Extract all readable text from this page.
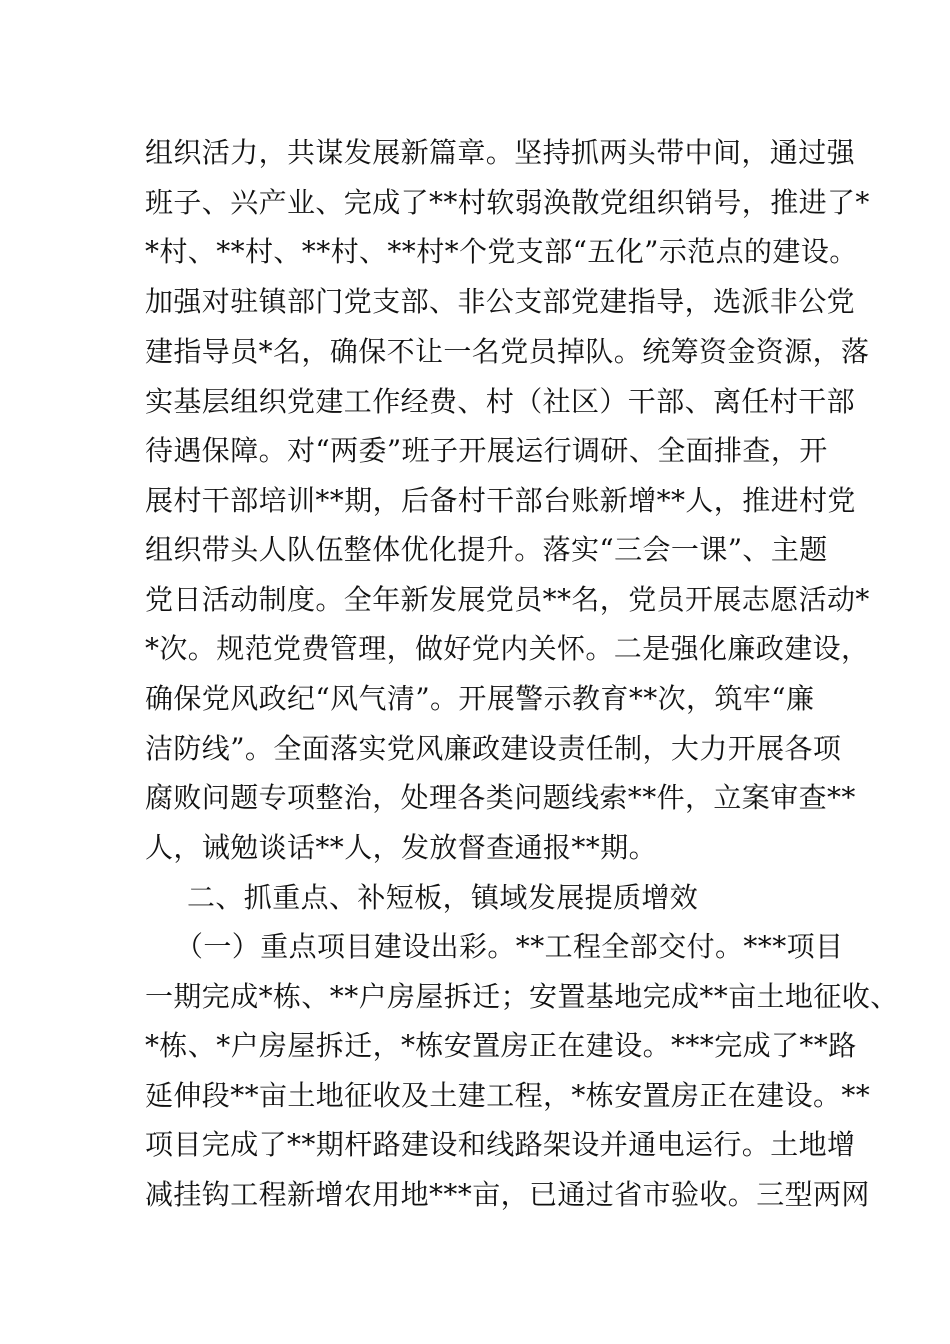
组织活力，共谋发展新篇章。坚持抓两头带中间，通过强
班子、兴产业、完成了**村软弱涣散党组织销号，推进了*
*村、**村、**村、**村*个党支部“五化”示范点的建设。
加强对驻镇部门党支部、非公支部党建指导，选派非公党
建指导员*名，确保不让一名党员掉队。统筹资金资源，落
实基层组织党建工作经费、村（社区）干部、离任村干部
待遇保障。对“两委”班子开展运行调研、全面排查，开
展村干部培训**期，后备村干部台账新增**人，推进村党
组织带头人队伍整体优化提升。落实“三会一课”、主题
党日活动制度。全年新发展党员**名，党员开展志愿活动*
*次。规范党费管理，做好党内关怀。二是强化廉政建设，
确保党风政纪“风气清”。开展警示教育**次，筑牢“廉
洁防线”。全面落实党风廉政建设责任制，大力开展各项
腐败问题专项整治，处理各类问题线索**件，立案审查**
人，诫勉谈话**人，发放督查通报**期。
二、抓重点、补短板，镇域发展提质增效
（一）重点项目建设出彩。**工程全部交付。***项目
一期完成*栋、**户房屋拆迁；安置基地完成**亩土地征收、
*栋、*户房屋拆迁，*栋安置房正在建设。***完成了**路
延伸段**亩土地征收及土建工程，*栋安置房正在建设。**
项目完成了**期杆路建设和线路架设并通电运行。土地增
减挂钩工程新增农用地***亩，已通过省市验收。三型两网
